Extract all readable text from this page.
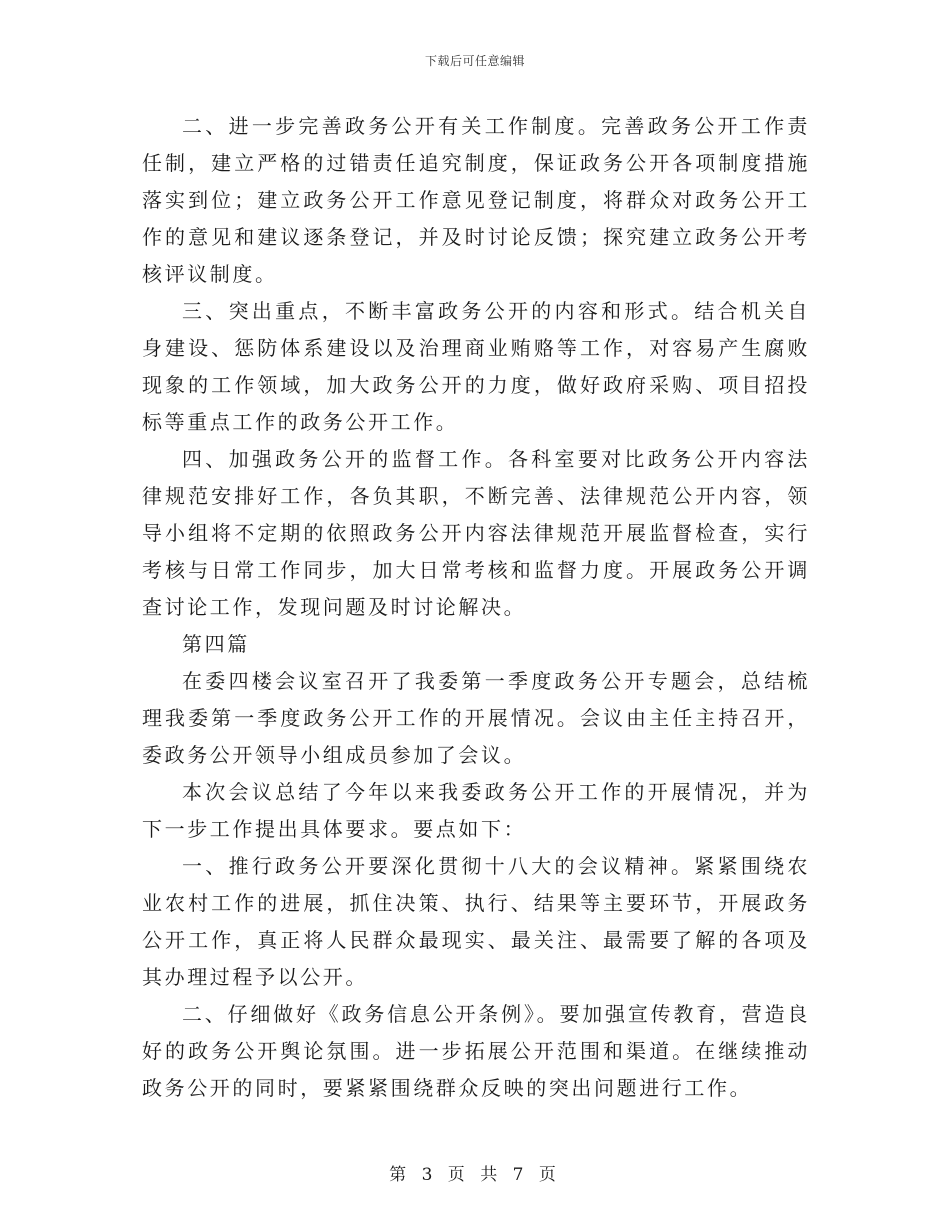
下载后可任意编辑

二、进一步完善政务公开有关工作制度。完善政务公开工作责任制，建立严格的过错责任追究制度，保证政务公开各项制度措施落实到位；建立政务公开工作意见登记制度，将群众对政务公开工作的意见和建议逐条登记，并及时讨论反馈；探究建立政务公开考核评议制度。

三、突出重点，不断丰富政务公开的内容和形式。结合机关自身建设、惩防体系建设以及治理商业贿赂等工作，对容易产生腐败现象的工作领域，加大政务公开的力度，做好政府采购、项目招投标等重点工作的政务公开工作。

四、加强政务公开的监督工作。各科室要对比政务公开内容法律规范安排好工作，各负其职，不断完善、法律规范公开内容，领导小组将不定期的依照政务公开内容法律规范开展监督检查，实行考核与日常工作同步，加大日常考核和监督力度。开展政务公开调查讨论工作，发现问题及时讨论解决。

第四篇

在委四楼会议室召开了我委第一季度政务公开专题会，总结梳理我委第一季度政务公开工作的开展情况。会议由主任主持召开，委政务公开领导小组成员参加了会议。

本次会议总结了今年以来我委政务公开工作的开展情况，并为下一步工作提出具体要求。要点如下：

一、推行政务公开要深化贯彻十八大的会议精神。紧紧围绕农业农村工作的进展，抓住决策、执行、结果等主要环节，开展政务公开工作，真正将人民群众最现实、最关注、最需要了解的各项及其办理过程予以公开。

二、仔细做好《政务信息公开条例》。要加强宣传教育，营造良好的政务公开舆论氛围。进一步拓展公开范围和渠道。在继续推动政务公开的同时，要紧紧围绕群众反映的突出问题进行工作。

第 3 页 共 7 页
